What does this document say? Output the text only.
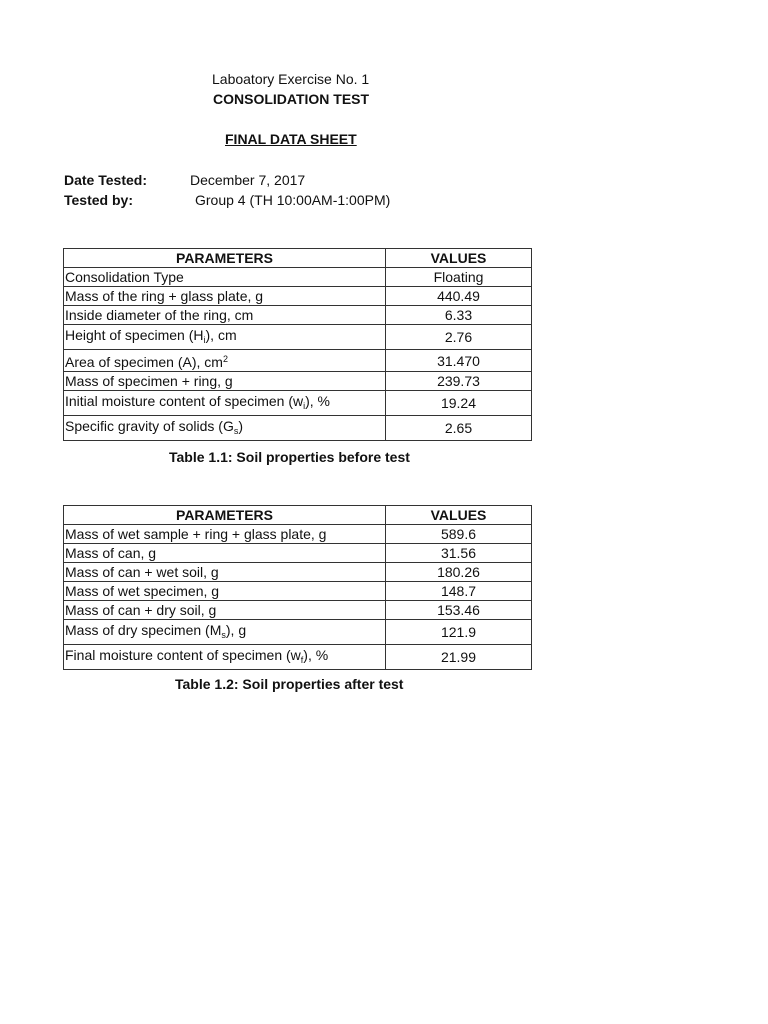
Laboatory Exercise No. 1
CONSOLIDATION TEST
FINAL DATA SHEET
Date Tested:	December 7, 2017
Tested by:	Group 4 (TH 10:00AM-1:00PM)
PARAMETERS	VALUES
Consolidation Type	Floating
Mass of the ring + glass plate, g	440.49
Inside diameter of the ring, cm	6.33
Height of specimen $(H_i)$, cm	2.76
Area of specimen (A), $cm^2$	31.470
Mass of specimen + ring, g	239.73
Initial moisture content of specimen $(w_i)$, %	19.24
Specific gravity of solids $(G_s)$	2.65
Table 1.1: Soil properties before test
PARAMETERS	VALUES
Mass of wet sample + ring + glass plate, g	589.6
Mass of can, g	31.56
Mass of can + wet soil, g	180.26
Mass of wet specimen, g	148.7
Mass of can + dry soil, g	153.46
Mass of dry specimen $(M_s)$, g	121.9
Final moisture content of specimen $(w_f)$, %	21.99
Table 1.2: Soil properties after test
